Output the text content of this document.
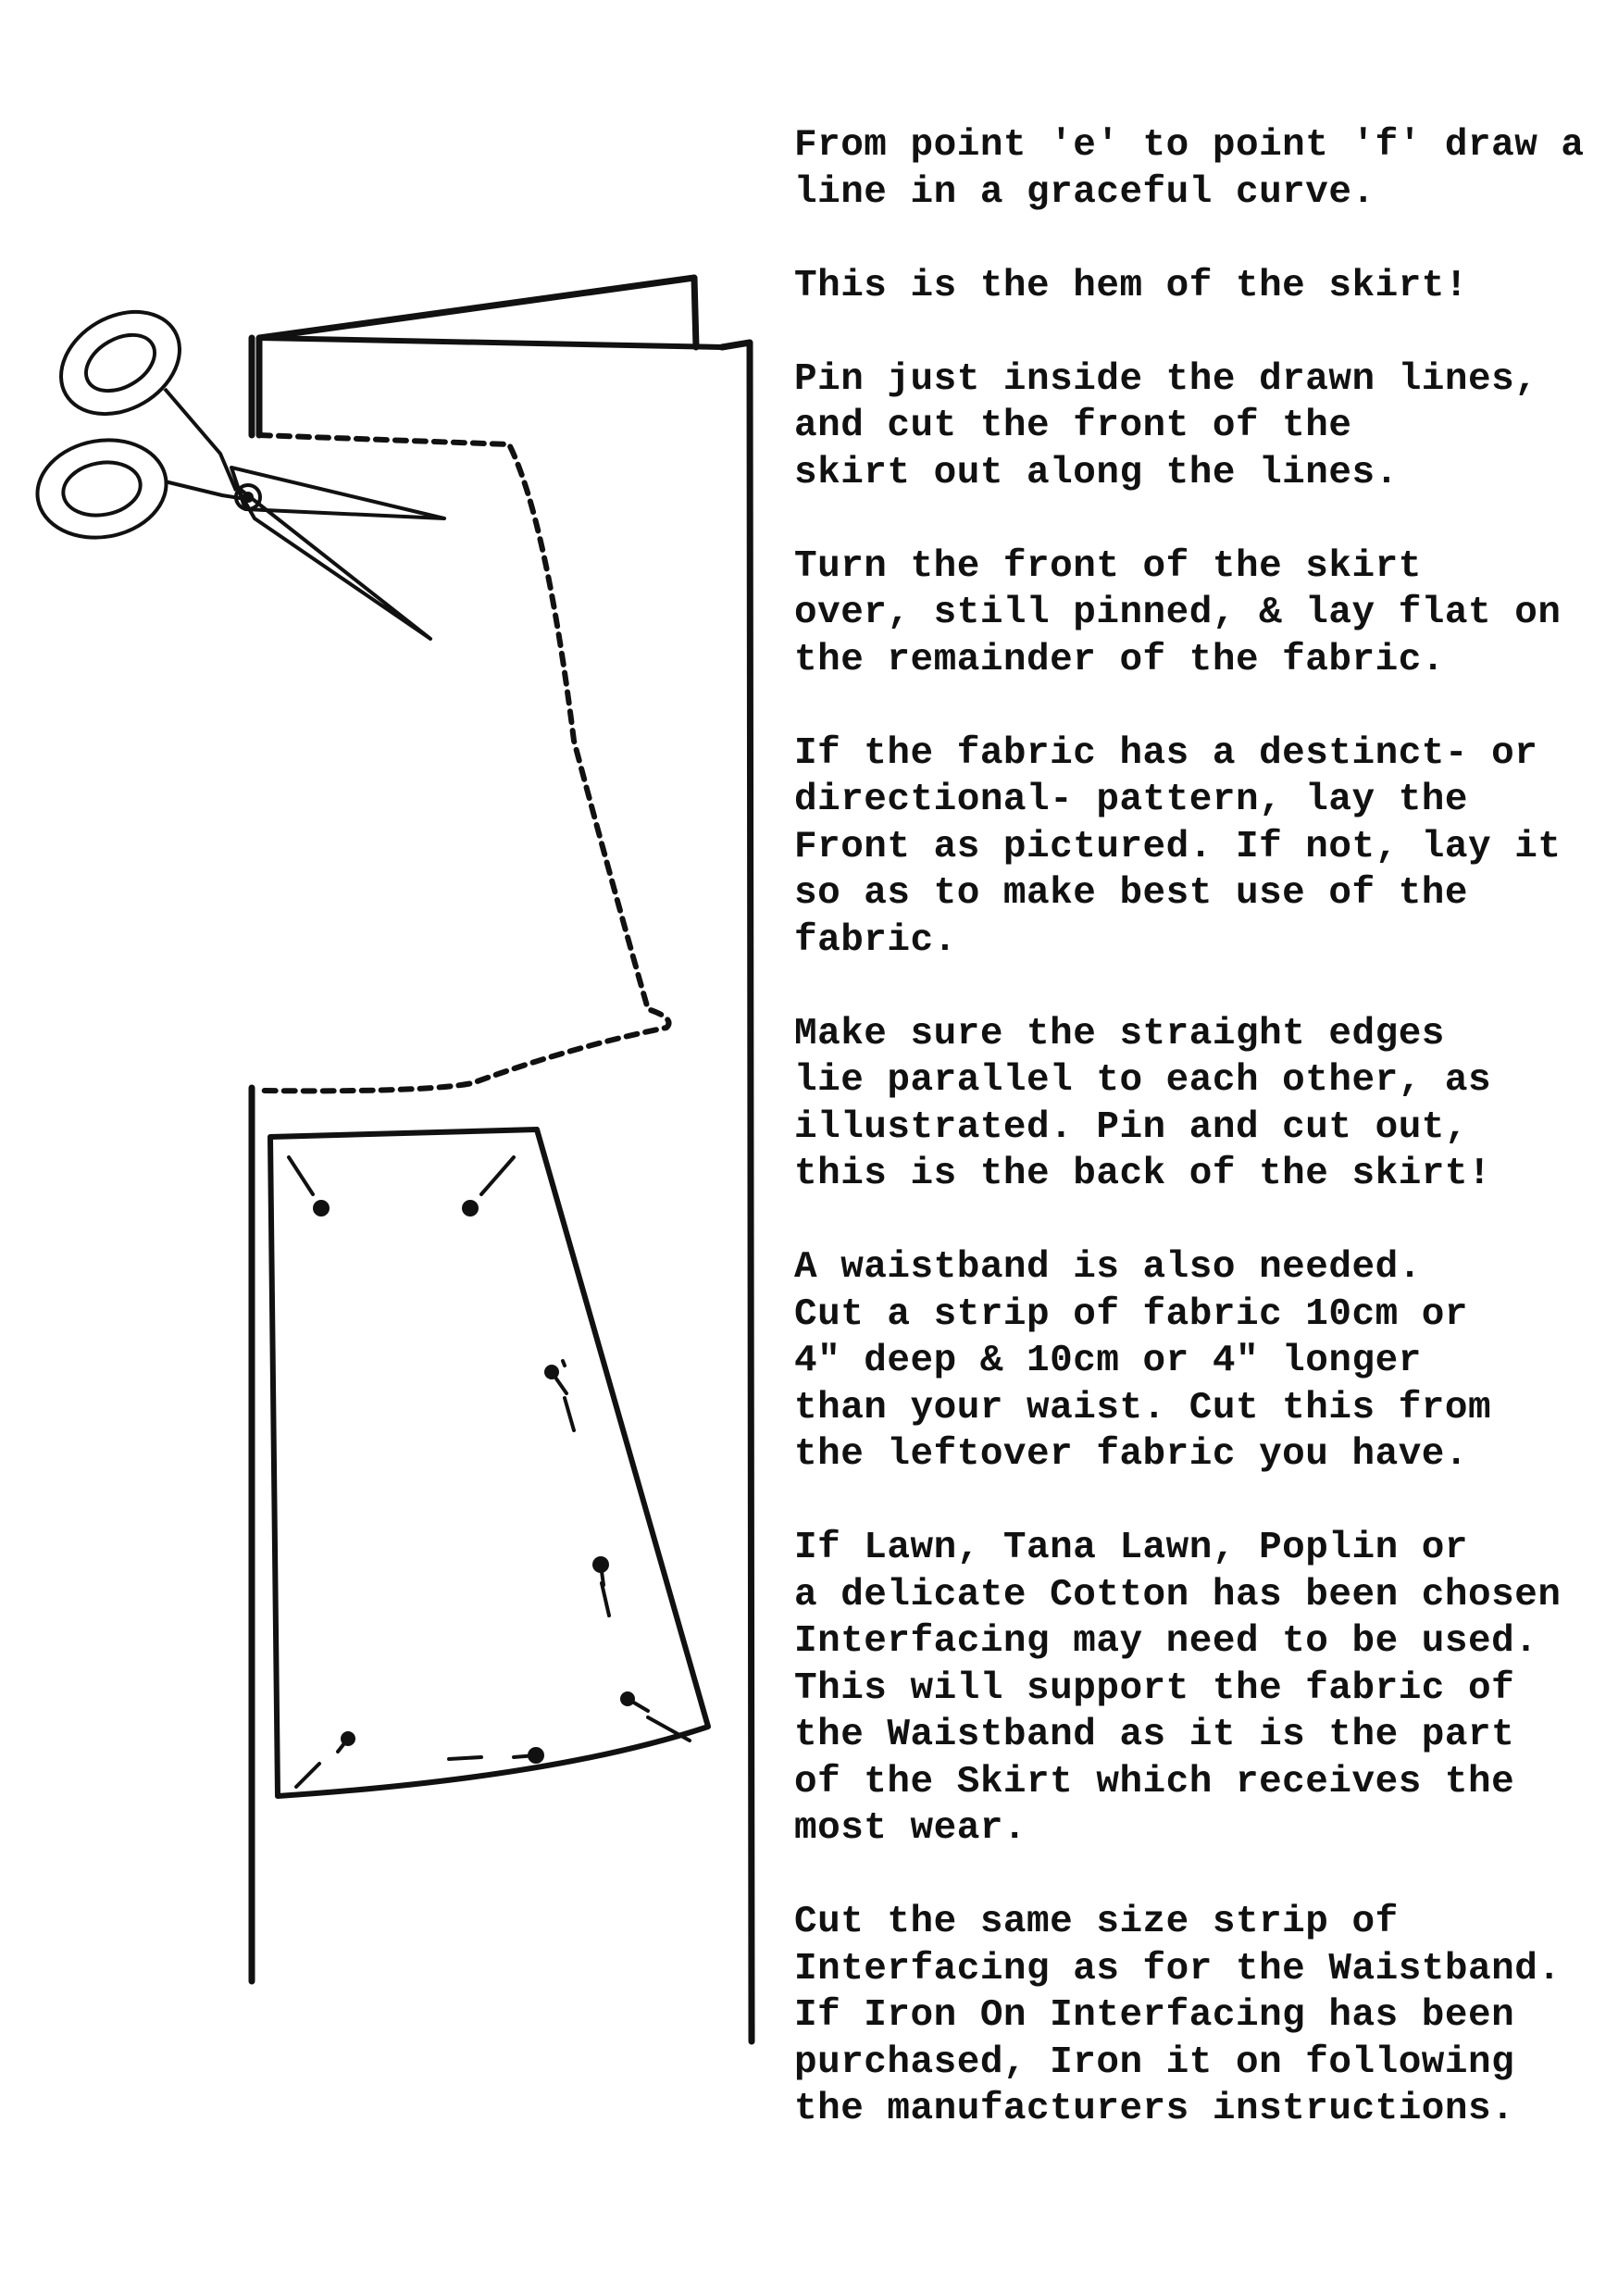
From point 'e' to point 'f' draw a
line in a graceful curve.

This is the hem of the skirt!

Pin just inside the drawn lines,
and cut the front of the
skirt out along the lines.

Turn the front of the skirt
over, still pinned, & lay flat on
the remainder of the fabric.

If the fabric has a destinct- or
directional- pattern, lay the
Front as pictured. If not, lay it
so as to make best use of the
fabric.

Make sure the straight edges
lie parallel to each other, as
illustrated. Pin and cut out,
this is the back of the skirt!

A waistband is also needed.
Cut a strip of fabric 10cm or
4" deep & 10cm or 4" longer
than your waist. Cut this from
the leftover fabric you have.

If Lawn, Tana Lawn, Poplin or
a delicate Cotton has been chosen
Interfacing may need to be used.
This will support the fabric of
the Waistband as it is the part
of the Skirt which receives the
most wear.

Cut the same size strip of
Interfacing as for the Waistband.
If Iron On Interfacing has been
purchased, Iron it on following
the manufacturers instructions.
